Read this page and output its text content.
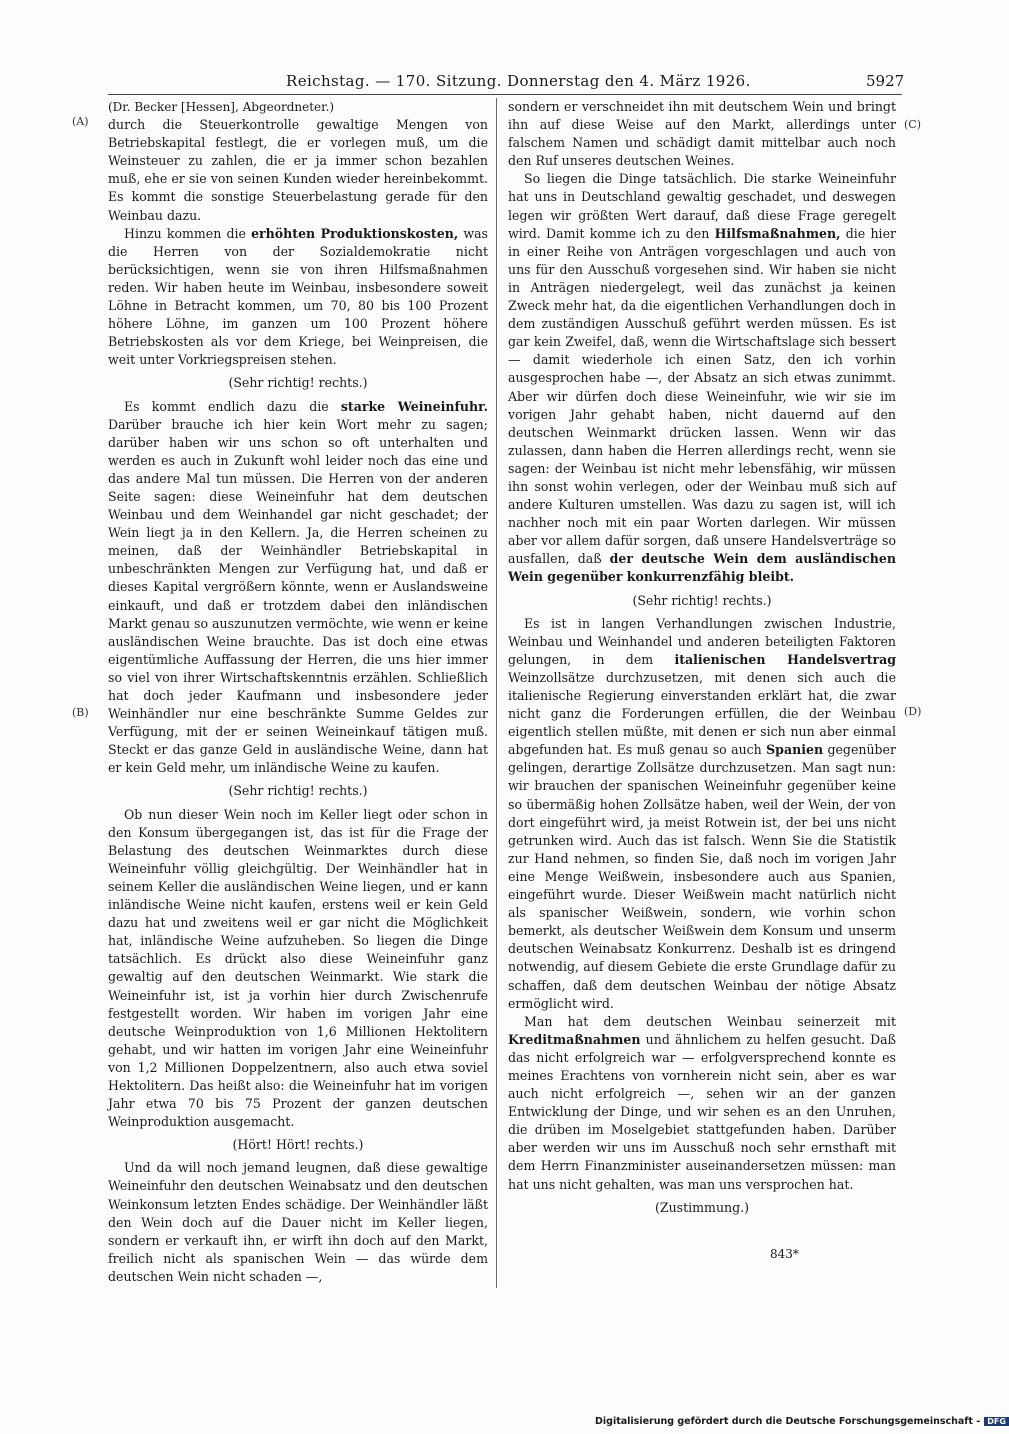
Reichstag. — 170. Sitzung. Donnerstag den 4. März 1926.	5927
(A)
(B)
(C)
(D)

(Dr. Becker [Hessen], Abgeordneter.)

durch die Steuerkontrolle gewaltige Mengen von Betriebskapital festlegt, die er vorlegen muß, um die Weinsteuer zu zahlen, die er ja immer schon bezahlen muß, ehe er sie von seinen Kunden wieder hereinbekommt. Es kommt die sonstige Steuerbelastung gerade für den Weinbau dazu.

Hinzu kommen die erhöhten Produktionskosten, was die Herren von der Sozialdemokratie nicht berücksichtigen, wenn sie von ihren Hilfsmaßnahmen reden. Wir haben heute im Weinbau, insbesondere soweit Löhne in Betracht kommen, um 70, 80 bis 100 Prozent höhere Löhne, im ganzen um 100 Prozent höhere Betriebskosten als vor dem Kriege, bei Weinpreisen, die weit unter Vorkriegspreisen stehen.

(Sehr richtig! rechts.)

Es kommt endlich dazu die starke Weineinfuhr. Darüber brauche ich hier kein Wort mehr zu sagen; darüber haben wir uns schon so oft unterhalten und werden es auch in Zukunft wohl leider noch das eine und das andere Mal tun müssen. Die Herren von der anderen Seite sagen: diese Weineinfuhr hat dem deutschen Weinbau und dem Weinhandel gar nicht geschadet; der Wein liegt ja in den Kellern. Ja, die Herren scheinen zu meinen, daß der Weinhändler Betriebskapital in unbeschränkten Mengen zur Verfügung hat, und daß er dieses Kapital vergrößern könnte, wenn er Auslandsweine einkauft, und daß er trotzdem dabei den inländischen Markt genau so auszunutzen vermöchte, wie wenn er keine ausländischen Weine brauchte. Das ist doch eine etwas eigentümliche Auffassung der Herren, die uns hier immer so viel von ihrer Wirtschaftskenntnis erzählen. Schließlich hat doch jeder Kaufmann und insbesondere jeder Weinhändler nur eine beschränkte Summe Geldes zur Verfügung, mit der er seinen Weineinkauf tätigen muß. Steckt er das ganze Geld in ausländische Weine, dann hat er kein Geld mehr, um inländische Weine zu kaufen.

(Sehr richtig! rechts.)

Ob nun dieser Wein noch im Keller liegt oder schon in den Konsum übergegangen ist, das ist für die Frage der Belastung des deutschen Weinmarktes durch diese Weineinfuhr völlig gleichgültig. Der Weinhändler hat in seinem Keller die ausländischen Weine liegen, und er kann inländische Weine nicht kaufen, erstens weil er kein Geld dazu hat und zweitens weil er gar nicht die Möglichkeit hat, inländische Weine aufzuheben. So liegen die Dinge tatsächlich. Es drückt also diese Weineinfuhr ganz gewaltig auf den deutschen Weinmarkt. Wie stark die Weineinfuhr ist, ist ja vorhin hier durch Zwischenrufe festgestellt worden. Wir haben im vorigen Jahr eine deutsche Weinproduktion von 1,6 Millionen Hektolitern gehabt, und wir hatten im vorigen Jahr eine Weineinfuhr von 1,2 Millionen Doppelzentnern, also auch etwa soviel Hektolitern. Das heißt also: die Weineinfuhr hat im vorigen Jahr etwa 70 bis 75 Prozent der ganzen deutschen Weinproduktion ausgemacht.

(Hört! Hört! rechts.)

Und da will noch jemand leugnen, daß diese gewaltige Weineinfuhr den deutschen Weinabsatz und den deutschen Weinkonsum letzten Endes schädige. Der Weinhändler läßt den Wein doch auf die Dauer nicht im Keller liegen, sondern er verkauft ihn, er wirft ihn doch auf den Markt, freilich nicht als spanischen Wein — das würde dem deutschen Wein nicht schaden —,

sondern er verschneidet ihn mit deutschem Wein und bringt ihn auf diese Weise auf den Markt, allerdings unter falschem Namen und schädigt damit mittelbar auch noch den Ruf unseres deutschen Weines.

So liegen die Dinge tatsächlich. Die starke Weineinfuhr hat uns in Deutschland gewaltig geschadet, und deswegen legen wir größten Wert darauf, daß diese Frage geregelt wird. Damit komme ich zu den Hilfsmaßnahmen, die hier in einer Reihe von Anträgen vorgeschlagen und auch von uns für den Ausschuß vorgesehen sind. Wir haben sie nicht in Anträgen niedergelegt, weil das zunächst ja keinen Zweck mehr hat, da die eigentlichen Verhandlungen doch in dem zuständigen Ausschuß geführt werden müssen. Es ist gar kein Zweifel, daß, wenn die Wirtschaftslage sich bessert — damit wiederhole ich einen Satz, den ich vorhin ausgesprochen habe —, der Absatz an sich etwas zunimmt. Aber wir dürfen doch diese Weineinfuhr, wie wir sie im vorigen Jahr gehabt haben, nicht dauernd auf den deutschen Weinmarkt drücken lassen. Wenn wir das zulassen, dann haben die Herren allerdings recht, wenn sie sagen: der Weinbau ist nicht mehr lebensfähig, wir müssen ihn sonst wohin verlegen, oder der Weinbau muß sich auf andere Kulturen umstellen. Was dazu zu sagen ist, will ich nachher noch mit ein paar Worten darlegen. Wir müssen aber vor allem dafür sorgen, daß unsere Handelsverträge so ausfallen, daß der deutsche Wein dem ausländischen Wein gegenüber konkurrenzfähig bleibt.

(Sehr richtig! rechts.)

Es ist in langen Verhandlungen zwischen Industrie, Weinbau und Weinhandel und anderen beteiligten Faktoren gelungen, in dem italienischen Handelsvertrag Weinzollsätze durchzusetzen, mit denen sich auch die italienische Regierung einverstanden erklärt hat, die zwar nicht ganz die Forderungen erfüllen, die der Weinbau eigentlich stellen müßte, mit denen er sich nun aber einmal abgefunden hat. Es muß genau so auch Spanien gegenüber gelingen, derartige Zollsätze durchzusetzen. Man sagt nun: wir brauchen der spanischen Weineinfuhr gegenüber keine so übermäßig hohen Zollsätze haben, weil der Wein, der von dort eingeführt wird, ja meist Rotwein ist, der bei uns nicht getrunken wird. Auch das ist falsch. Wenn Sie die Statistik zur Hand nehmen, so finden Sie, daß noch im vorigen Jahr eine Menge Weißwein, insbesondere auch aus Spanien, eingeführt wurde. Dieser Weißwein macht natürlich nicht als spanischer Weißwein, sondern, wie vorhin schon bemerkt, als deutscher Weißwein dem Konsum und unserm deutschen Weinabsatz Konkurrenz. Deshalb ist es dringend notwendig, auf diesem Gebiete die erste Grundlage dafür zu schaffen, daß dem deutschen Weinbau der nötige Absatz ermöglicht wird.

Man hat dem deutschen Weinbau seinerzeit mit Kreditmaßnahmen und ähnlichem zu helfen gesucht. Daß das nicht erfolgreich war — erfolgversprechend konnte es meines Erachtens von vornherein nicht sein, aber es war auch nicht erfolgreich —, sehen wir an der ganzen Entwicklung der Dinge, und wir sehen es an den Unruhen, die drüben im Moselgebiet stattgefunden haben. Darüber aber werden wir uns im Ausschuß noch sehr ernsthaft mit dem Herrn Finanzminister auseinandersetzen müssen: man hat uns nicht gehalten, was man uns versprochen hat.

(Zustimmung.)

843*
Digitalisierung gefördert durch die Deutsche Forschungsgemeinschaft - DFG
